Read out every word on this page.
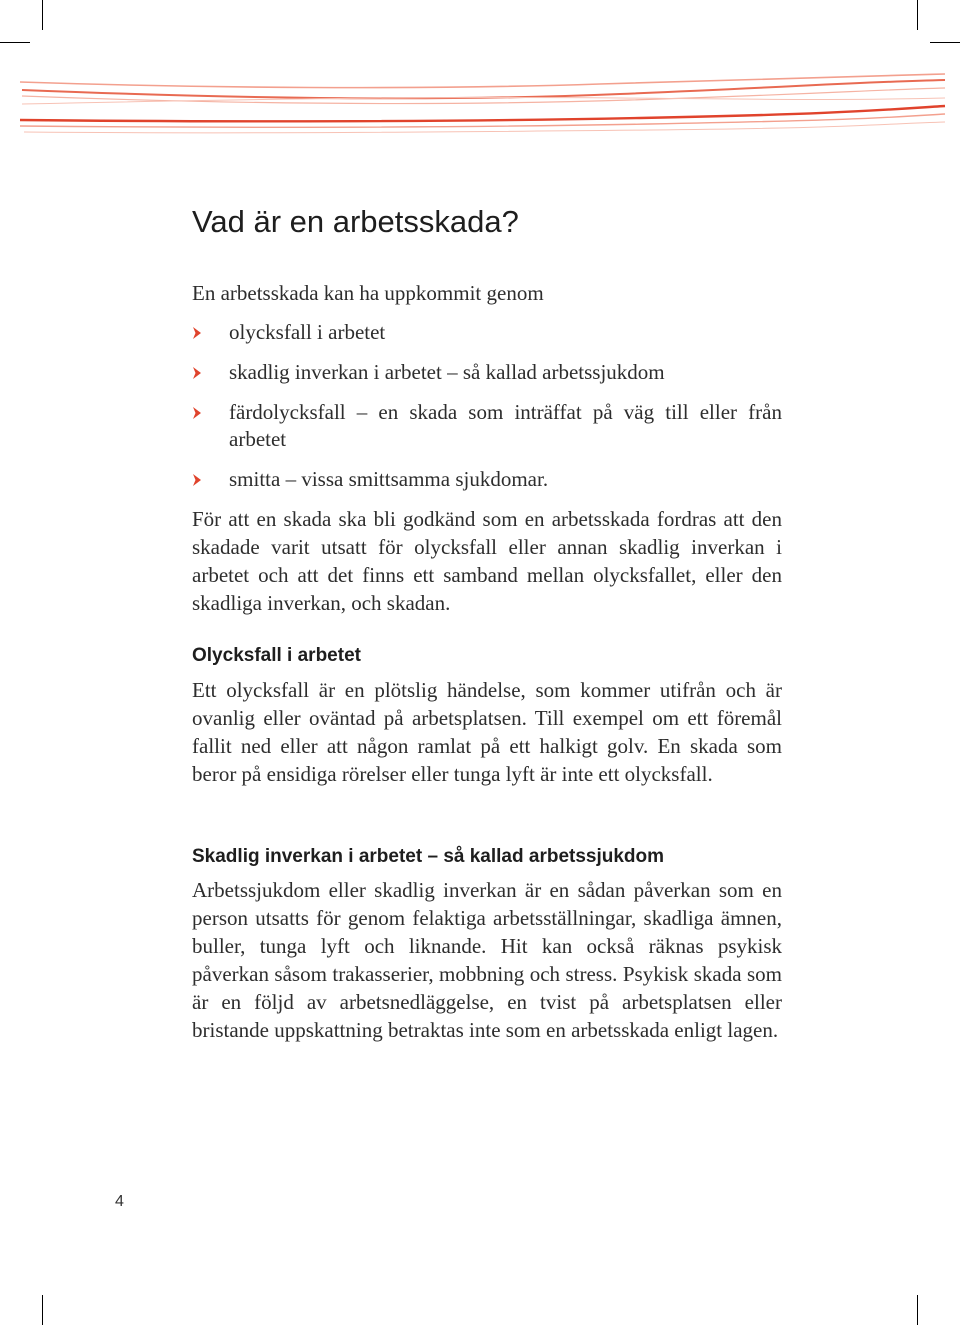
Vad är en arbetsskada?

En arbetsskada kan ha uppkommit genom

olycksfall i arbetet
skadlig inverkan i arbetet – så kallad arbetssjukdom
färdolycksfall – en skada som inträffat på väg till eller från arbetet
smitta – vissa smittsamma sjukdomar.

För att en skada ska bli godkänd som en arbetsskada fordras att den skadade varit utsatt för olycksfall eller annan skadlig inverkan i arbetet och att det finns ett samband mellan olycksfallet, eller den skadliga inverkan, och skadan.

Olycksfall i arbetet

Ett olycksfall är en plötslig händelse, som kommer utifrån och är ovanlig eller oväntad på arbetsplatsen. Till exempel om ett föremål fallit ned eller att någon ramlat på ett halkigt golv. En skada som beror på ensidiga rörelser eller tunga lyft är inte ett olycksfall.

Skadlig inverkan i arbetet – så kallad arbetssjukdom

Arbetssjukdom eller skadlig inverkan är en sådan påverkan som en person utsatts för genom felaktiga arbetsställningar, skadliga ämnen, buller, tunga lyft och liknande. Hit kan också räknas psykisk påverkan såsom trakasserier, mobbning och stress. Psykisk skada som är en följd av arbetsnedläggelse, en tvist på arbetsplatsen eller bristande uppskattning betraktas inte som en arbetsskada enligt lagen.

4
